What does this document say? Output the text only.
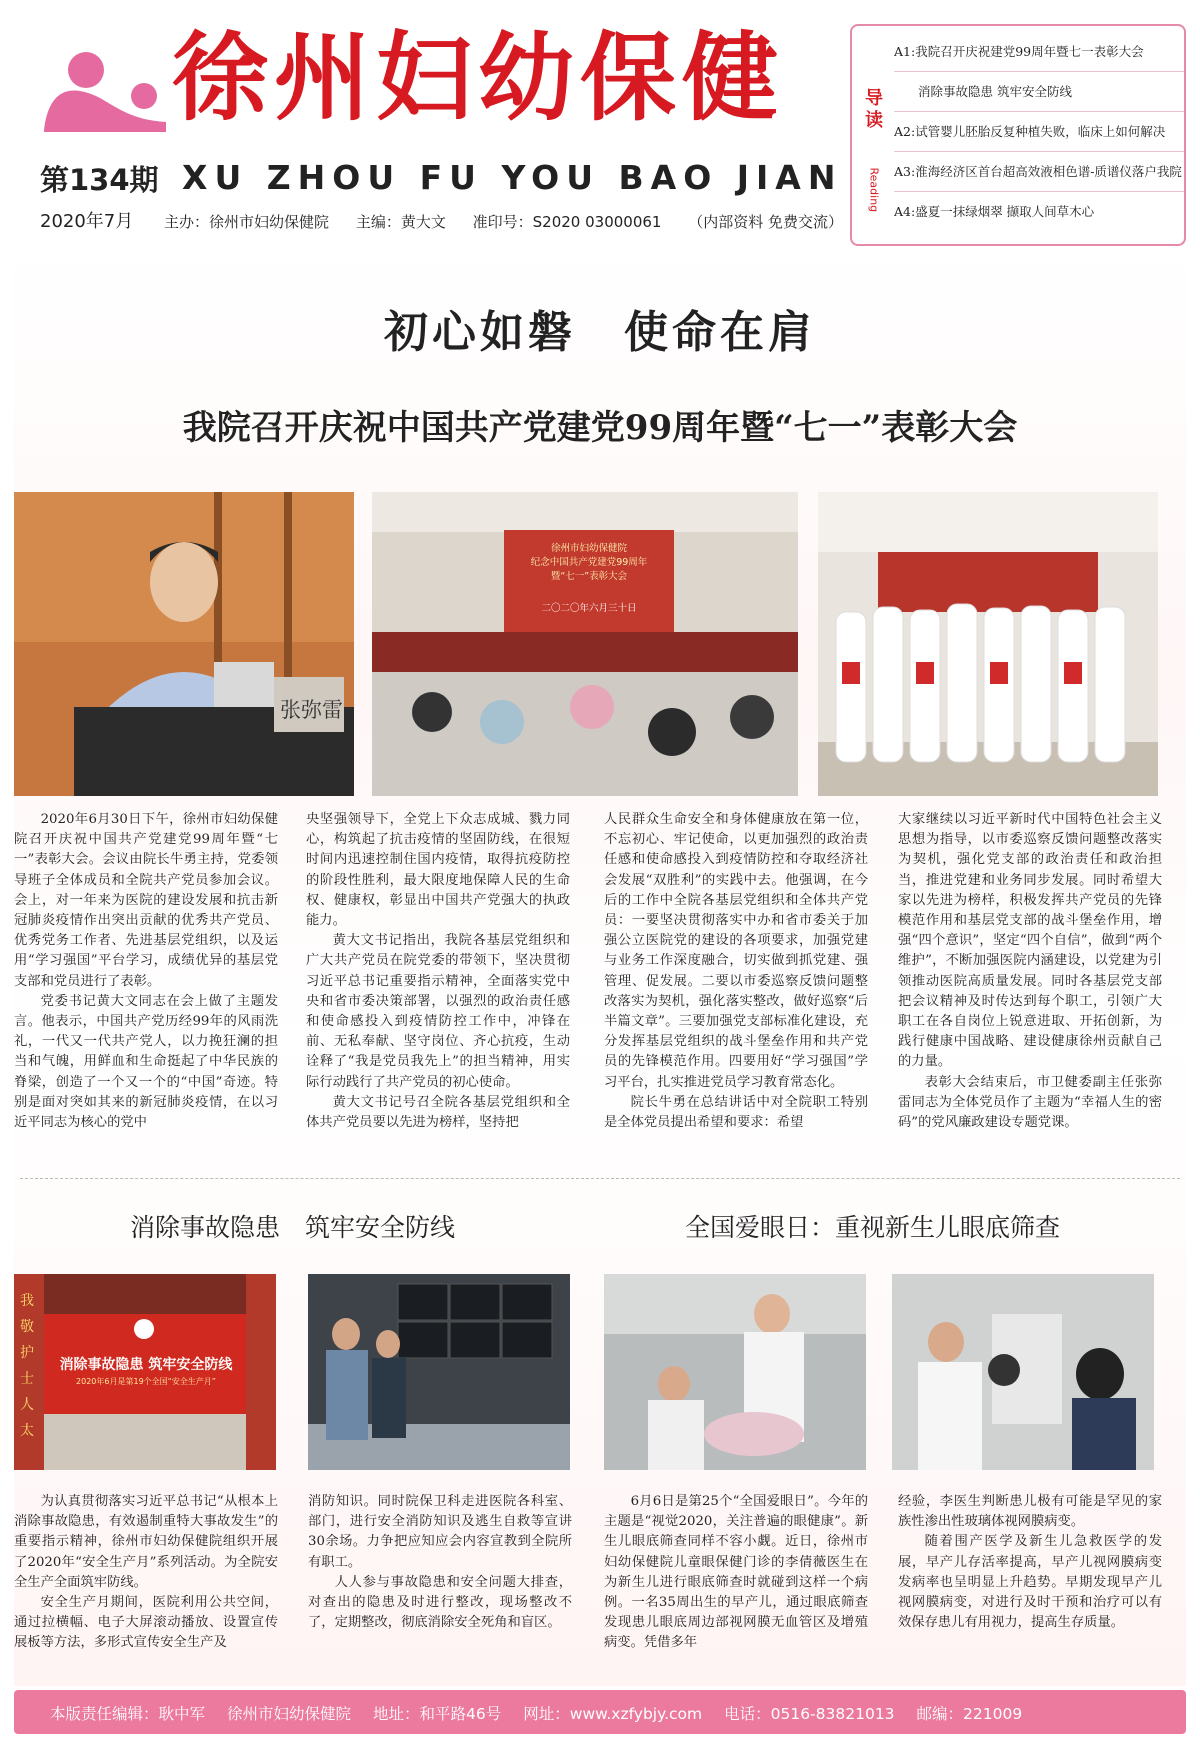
徐州妇幼保健
第134期 XU ZHOU FU YOU BAO JIAN
2020年7月 主办：徐州市妇幼保健院 主编：黄大文 准印号：S2020 03000061 （内部资料 免费交流）
导读
Reading
A1:我院召开庆祝建党99周年暨七一表彰大会
消除事故隐患 筑牢安全防线
A2:试管婴儿胚胎反复种植失败，临床上如何解决
A3:淮海经济区首台超高效液相色谱-质谱仪落户我院
A4:盛夏一抹绿烟翠 撷取人间草木心
初心如磐　使命在肩
我院召开庆祝中国共产党建党99周年暨“七一”表彰大会
张弥雷
徐州市妇幼保健院
纪念中国共产党建党99周年
暨“七一”表彰大会
二〇二〇年六月三十日

2020年6月30日下午，徐州市妇幼保健院召开庆祝中国共产党建党99周年暨“七一”表彰大会。会议由院长牛勇主持，党委领导班子全体成员和全院共产党员参加会议。会上，对一年来为医院的建设发展和抗击新冠肺炎疫情作出突出贡献的优秀共产党员、优秀党务工作者、先进基层党组织，以及运用“学习强国”平台学习，成绩优异的基层党支部和党员进行了表彰。

党委书记黄大文同志在会上做了主题发言。他表示，中国共产党历经99年的风雨洗礼，一代又一代共产党人，以力挽狂澜的担当和气魄，用鲜血和生命挺起了中华民族的脊梁，创造了一个又一个的“中国”奇迹。特别是面对突如其来的新冠肺炎疫情，在以习近平同志为核心的党中

央坚强领导下，全党上下众志成城、戮力同心，构筑起了抗击疫情的坚固防线，在很短时间内迅速控制住国内疫情，取得抗疫防控的阶段性胜利，最大限度地保障人民的生命权、健康权，彰显出中国共产党强大的执政能力。

黄大文书记指出，我院各基层党组织和广大共产党员在院党委的带领下，坚决贯彻习近平总书记重要指示精神，全面落实党中央和省市委决策部署，以强烈的政治责任感和使命感投入到疫情防控工作中，冲锋在前、无私奉献、坚守岗位、齐心抗疫，生动诠释了“我是党员我先上”的担当精神，用实际行动践行了共产党员的初心使命。

黄大文书记号召全院各基层党组织和全体共产党员要以先进为榜样，坚持把

人民群众生命安全和身体健康放在第一位，不忘初心、牢记使命，以更加强烈的政治责任感和使命感投入到疫情防控和夺取经济社会发展“双胜利”的实践中去。他强调，在今后的工作中全院各基层党组织和全体共产党员：一要坚决贯彻落实中办和省市委关于加强公立医院党的建设的各项要求，加强党建与业务工作深度融合，切实做到抓党建、强管理、促发展。二要以市委巡察反馈问题整改落实为契机，强化落实整改，做好巡察“后半篇文章”。三要加强党支部标准化建设，充分发挥基层党组织的战斗堡垒作用和共产党员的先锋模范作用。四要用好“学习强国”学习平台，扎实推进党员学习教育常态化。

院长牛勇在总结讲话中对全院职工特别是全体党员提出希望和要求：希望

大家继续以习近平新时代中国特色社会主义思想为指导，以市委巡察反馈问题整改落实为契机，强化党支部的政治责任和政治担当，推进党建和业务同步发展。同时希望大家以先进为榜样，积极发挥共产党员的先锋模范作用和基层党支部的战斗堡垒作用，增强“四个意识”，坚定“四个自信”，做到“两个维护”，不断加强医院内涵建设，以党建为引领推动医院高质量发展。同时各基层党支部把会议精神及时传达到每个职工，引领广大职工在各自岗位上锐意进取、开拓创新，为践行健康中国战略、建设健康徐州贡献自己的力量。

表彰大会结束后，市卫健委副主任张弥雷同志为全体党员作了主题为“幸福人生的密码”的党风廉政建设专题党课。

消除事故隐患　筑牢安全防线	全国爱眼日：重视新生儿眼底筛查
消除事故隐患 筑牢安全防线
2020年6月是第19个全国“安全生产月”
我 敬 护 士 人 太

为认真贯彻落实习近平总书记“从根本上消除事故隐患，有效遏制重特大事故发生”的重要指示精神，徐州市妇幼保健院组织开展了2020年“安全生产月”系列活动。为全院安全生产全面筑牢防线。

安全生产月期间，医院利用公共空间，通过拉横幅、电子大屏滚动播放、设置宣传展板等方法，多形式宣传安全生产及

消防知识。同时院保卫科走进医院各科室、部门，进行安全消防知识及逃生自救等宣讲30余场。力争把应知应会内容宣教到全院所有职工。

人人参与事故隐患和安全问题大排查，对查出的隐患及时进行整改，现场整改不了，定期整改，彻底消除安全死角和盲区。

6月6日是第25个“全国爱眼日”。今年的主题是“视觉2020，关注普遍的眼健康”。新生儿眼底筛查同样不容小觑。近日，徐州市妇幼保健院儿童眼保健门诊的李倩薇医生在为新生儿进行眼底筛查时就碰到这样一个病例。一名35周出生的早产儿，通过眼底筛查发现患儿眼底周边部视网膜无血管区及增殖病变。凭借多年

经验，李医生判断患儿极有可能是罕见的家族性渗出性玻璃体视网膜病变。

随着围产医学及新生儿急救医学的发展，早产儿存活率提高，早产儿视网膜病变发病率也呈明显上升趋势。早期发现早产儿视网膜病变，对进行及时干预和治疗可以有效保存患儿有用视力，提高生存质量。

本版责任编辑：耿中军 徐州市妇幼保健院 地址：和平路46号 网址：www.xzfybjy.com 电话：0516-83821013 邮编：221009
